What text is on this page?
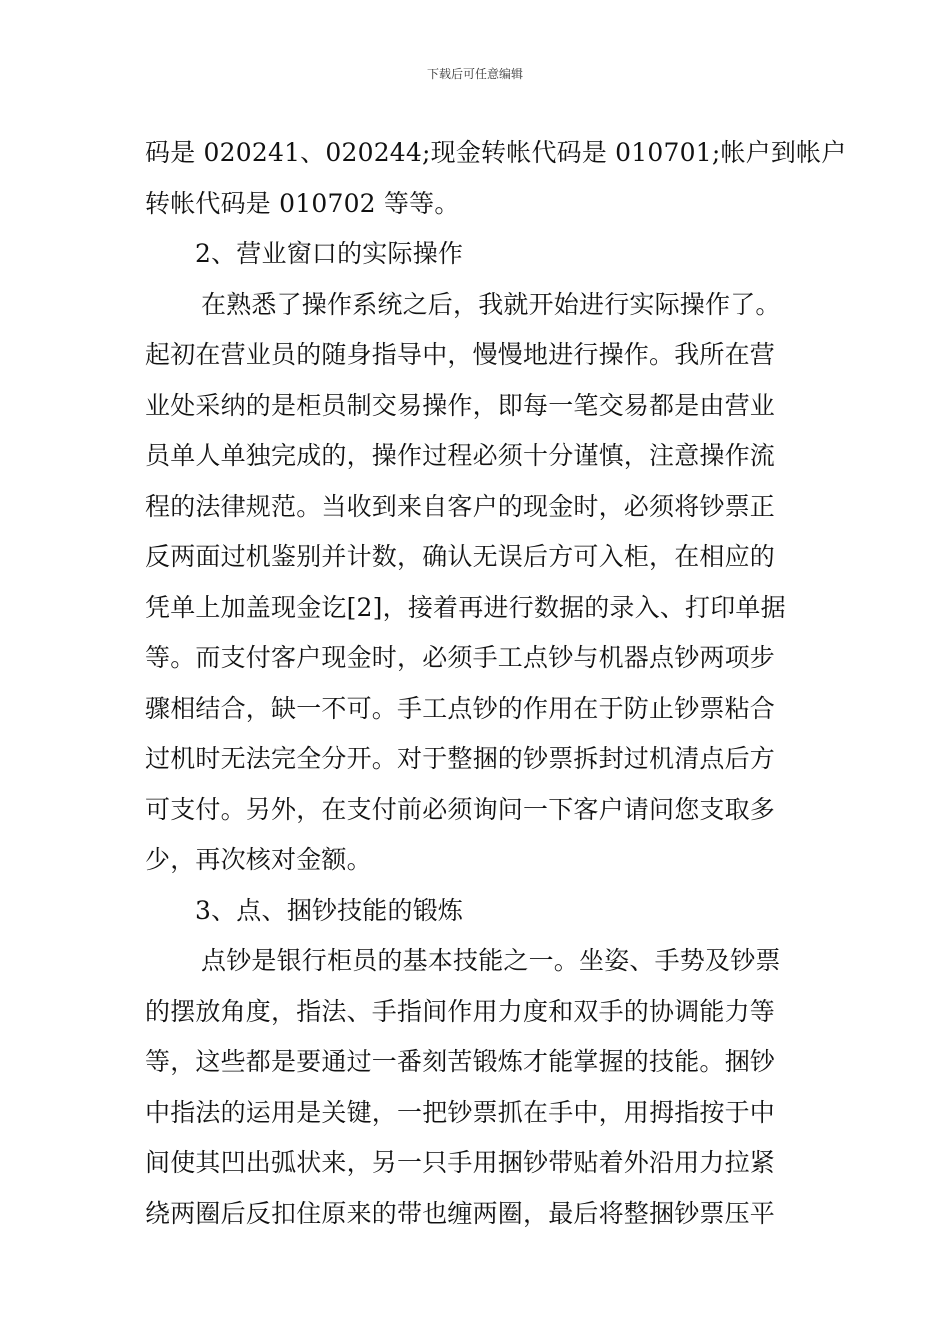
下载后可任意编辑
码是 020241、020244;现金转帐代码是 010701;帐户到帐户
转帐代码是 010702 等等。
2、营业窗口的实际操作
在熟悉了操作系统之后，我就开始进行实际操作了。
起初在营业员的随身指导中，慢慢地进行操作。我所在营
业处采纳的是柜员制交易操作，即每一笔交易都是由营业
员单人单独完成的，操作过程必须十分谨慎，注意操作流
程的法律规范。当收到来自客户的现金时，必须将钞票正
反两面过机鉴别并计数，确认无误后方可入柜，在相应的
凭单上加盖现金讫[2]，接着再进行数据的录入、打印单据
等。而支付客户现金时，必须手工点钞与机器点钞两项步
骤相结合，缺一不可。手工点钞的作用在于防止钞票粘合
过机时无法完全分开。对于整捆的钞票拆封过机清点后方
可支付。另外，在支付前必须询问一下客户请问您支取多
少，再次核对金额。
3、点、捆钞技能的锻炼
点钞是银行柜员的基本技能之一。坐姿、手势及钞票
的摆放角度，指法、手指间作用力度和双手的协调能力等
等，这些都是要通过一番刻苦锻炼才能掌握的技能。捆钞
中指法的运用是关键，一把钞票抓在手中，用拇指按于中
间使其凹出弧状来，另一只手用捆钞带贴着外沿用力拉紧
绕两圈后反扣住原来的带也缠两圈，最后将整捆钞票压平
